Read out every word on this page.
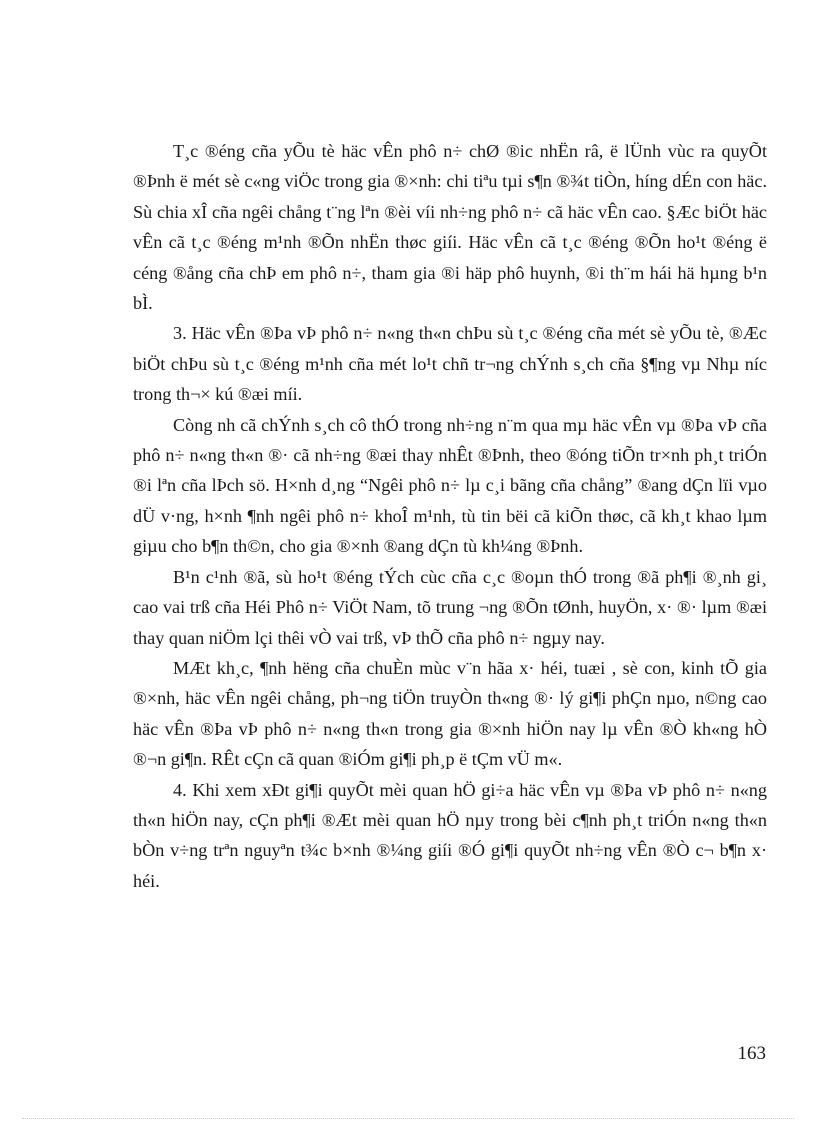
T¸c ®éng cña yÕu tè häc vÊn phô n÷ chØ ®ic nhËn râ, ë lÜnh vùc ra quyÕt ®Þnh ë mét sè c«ng viÖc trong gia ®×nh: chi tiªu tµi s¶n ®¾t tiÒn, híng dÉn con häc. Sù chia xÎ cña ngêi chång t¨ng lªn ®èi víi nh÷ng phô n÷ cã häc vÊn cao. §Æc biÖt häc vÊn cã t¸c ®éng m¹nh ®Õn nhËn thøc giíi. Häc vÊn cã t¸c ®éng ®Õn ho¹t ®éng ë céng ®ång cña chÞ em phô n÷, tham gia ®i häp phô huynh, ®i th¨m hái hä hµng b¹n bÌ.

3. Häc vÊn ®Þa vÞ phô n÷ n«ng th«n chÞu sù t¸c ®éng cña mét sè yÕu tè, ®Æc biÖt chÞu sù t¸c ®éng m¹nh cña mét lo¹t chñ tr¬ng chÝnh s¸ch cña §¶ng vµ Nhµ níc trong th¬× kú ®æi míi.

Còng nh cã chÝnh s¸ch cô thÓ trong nh÷ng n¨m qua mµ häc vÊn vµ ®Þa vÞ cña phô n÷ n«ng th«n ®· cã nh÷ng ®æi thay nhÊt ®Þnh, theo ®óng tiÕn tr×nh ph¸t triÓn ®i lªn cña lÞch sö. H×nh d¸ng “Ngêi phô n÷ lµ c¸i bãng cña chång” ®ang dÇn lïi vµo dÜ v·ng, h×nh ¶nh ngêi phô n÷ khoÎ m¹nh, tù tin bëi cã kiÕn thøc, cã kh¸t khao lµm giµu cho b¶n th©n, cho gia ®×nh ®ang dÇn tù kh¼ng ®Þnh.

B¹n c¹nh ®ã, sù ho¹t ®éng tÝch cùc cña c¸c ®oµn thÓ trong ®ã ph¶i ®¸nh gi¸ cao vai trß cña Héi Phô n÷ ViÖt Nam, tõ trung ¬ng ®Õn tØnh, huyÖn, x· ®· lµm ®æi thay quan niÖm lçi thêi vÒ vai trß, vÞ thÕ cña phô n÷ ngµy nay.

MÆt kh¸c, ¶nh hëng cña chuÈn mùc v¨n hãa x· héi, tuæi , sè con, kinh tÕ gia ®×nh, häc vÊn ngêi chång, ph¬ng tiÖn truyÒn th«ng ®· lý gi¶i phÇn nµo, n©ng cao häc vÊn ®Þa vÞ phô n÷ n«ng th«n trong gia ®×nh hiÖn nay lµ vÊn ®Ò kh«ng hÒ ®¬n gi¶n. RÊt cÇn cã quan ®iÓm gi¶i ph¸p ë tÇm vÜ m«.

4. Khi xem xÐt gi¶i quyÕt mèi quan hÖ gi÷a häc vÊn vµ ®Þa vÞ phô n÷ n«ng th«n hiÖn nay, cÇn ph¶i ®Æt mèi quan hÖ nµy trong bèi c¶nh ph¸t triÓn n«ng th«n bÒn v÷ng trªn nguyªn t¾c b×nh ®¼ng giíi ®Ó gi¶i quyÕt nh÷ng vÊn ®Ò c¬ b¶n x· héi.

163
